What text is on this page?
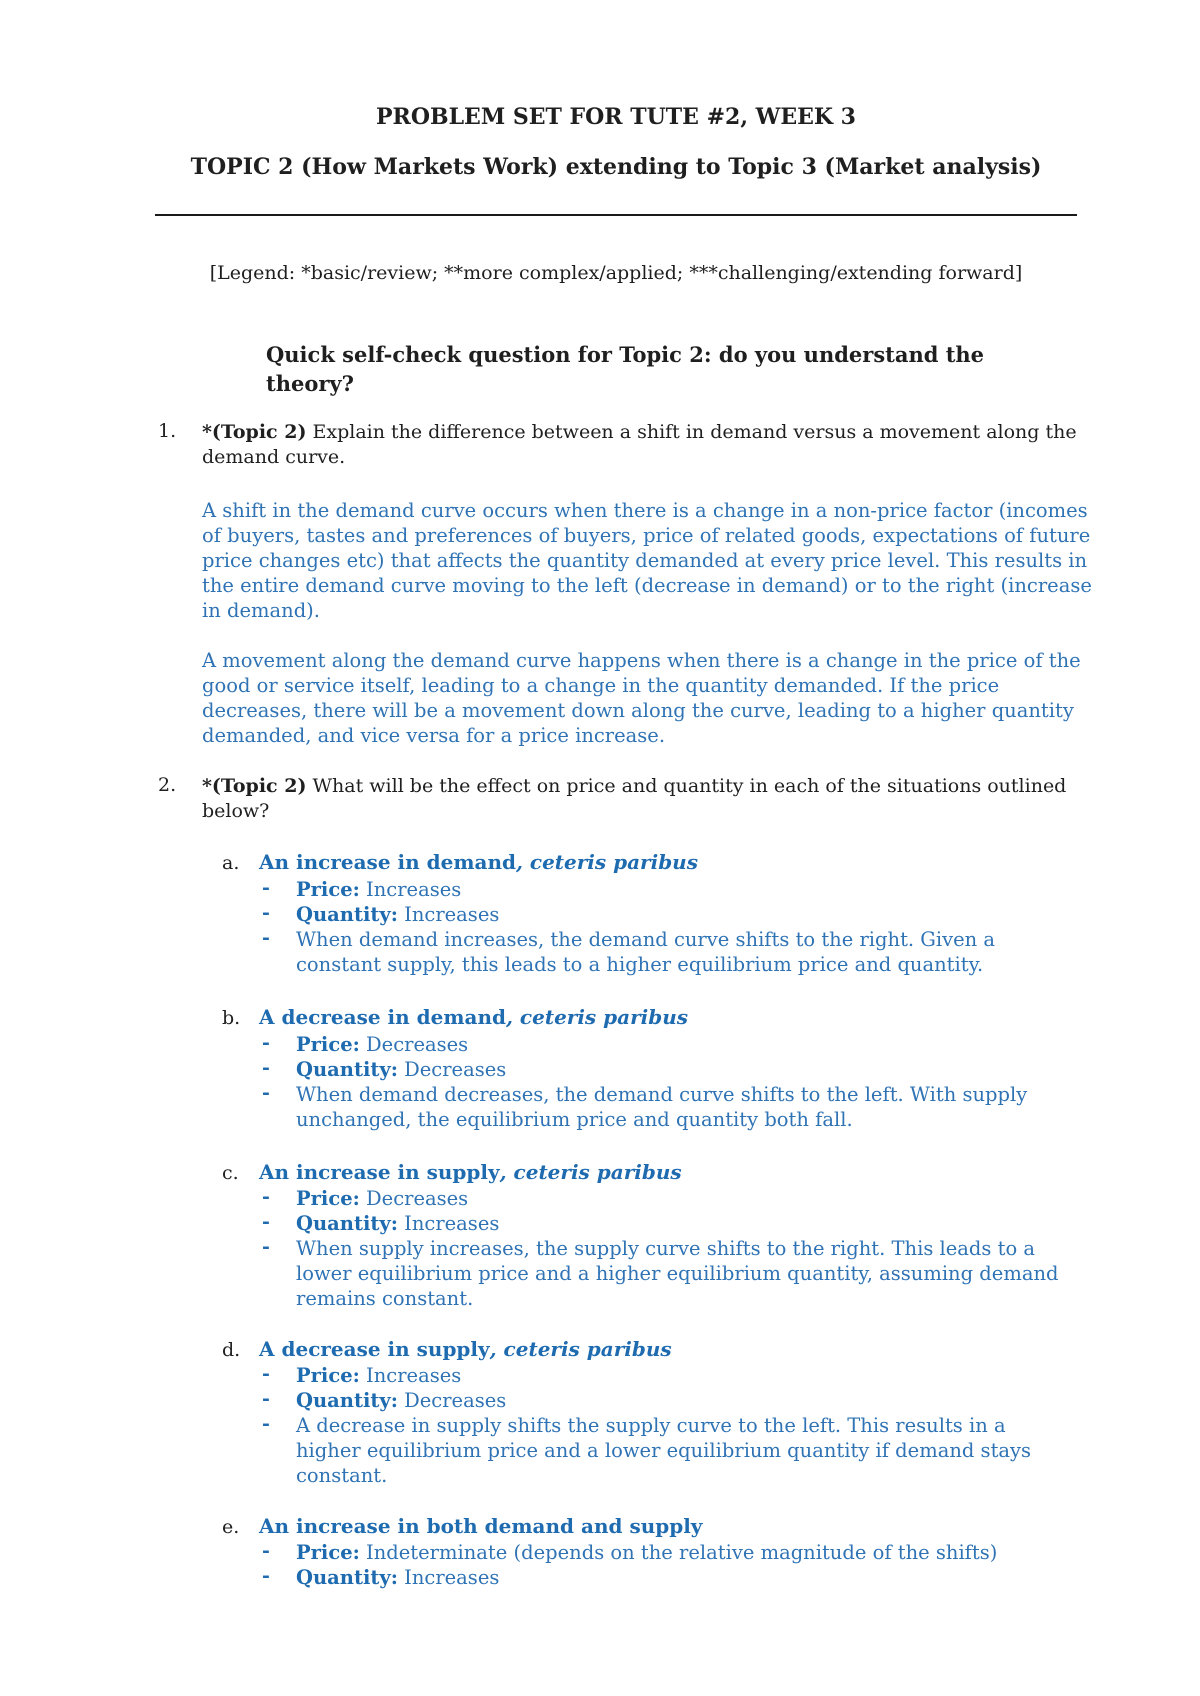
PROBLEM SET FOR TUTE #2, WEEK 3
TOPIC 2 (How Markets Work) extending to Topic 3 (Market analysis)
[Legend: *basic/review; **more complex/applied; ***challenging/extending forward]
Quick self-check question for Topic 2: do you understand the theory?
1. *(Topic 2) Explain the difference between a shift in demand versus a movement along the demand curve.
A shift in the demand curve occurs when there is a change in a non-price factor (incomes of buyers, tastes and preferences of buyers, price of related goods, expectations of future price changes etc) that affects the quantity demanded at every price level. This results in the entire demand curve moving to the left (decrease in demand) or to the right (increase in demand).
A movement along the demand curve happens when there is a change in the price of the good or service itself, leading to a change in the quantity demanded. If the price decreases, there will be a movement down along the curve, leading to a higher quantity demanded, and vice versa for a price increase.
2. *(Topic 2) What will be the effect on price and quantity in each of the situations outlined below?
a. An increase in demand, ceteris paribus
- Price: Increases
- Quantity: Increases
- When demand increases, the demand curve shifts to the right. Given a constant supply, this leads to a higher equilibrium price and quantity.
b. A decrease in demand, ceteris paribus
- Price: Decreases
- Quantity: Decreases
- When demand decreases, the demand curve shifts to the left. With supply unchanged, the equilibrium price and quantity both fall.
c. An increase in supply, ceteris paribus
- Price: Decreases
- Quantity: Increases
- When supply increases, the supply curve shifts to the right. This leads to a lower equilibrium price and a higher equilibrium quantity, assuming demand remains constant.
d. A decrease in supply, ceteris paribus
- Price: Increases
- Quantity: Decreases
- A decrease in supply shifts the supply curve to the left. This results in a higher equilibrium price and a lower equilibrium quantity if demand stays constant.
e. An increase in both demand and supply
- Price: Indeterminate (depends on the relative magnitude of the shifts)
- Quantity: Increases
